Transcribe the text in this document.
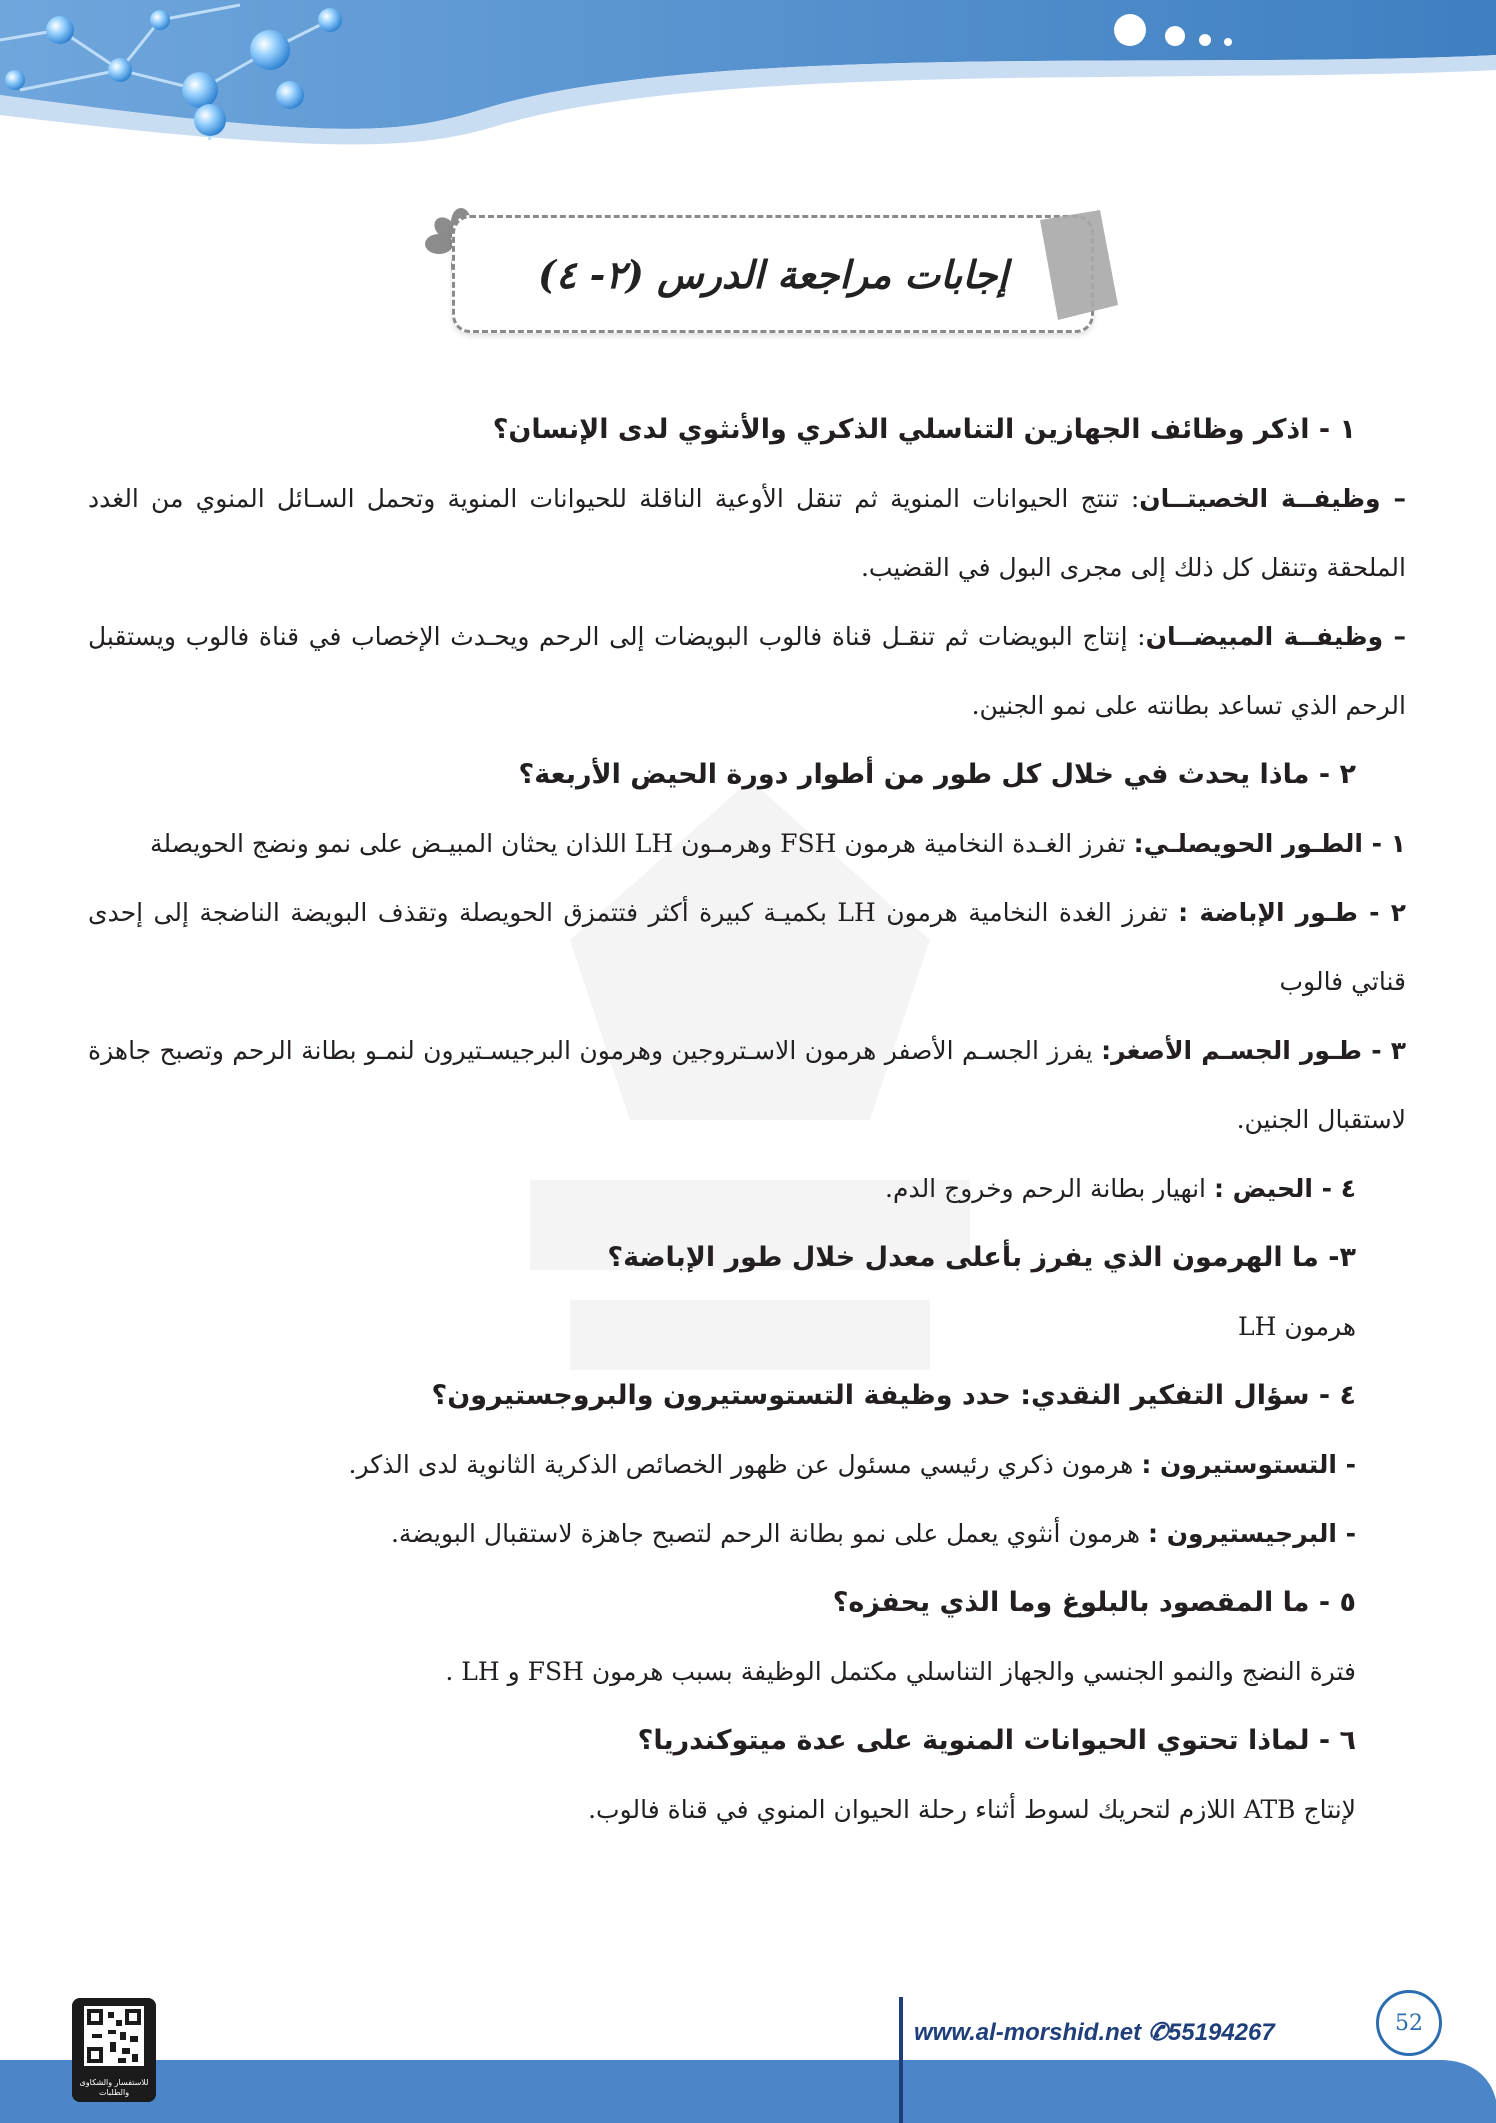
إجابات مراجعة الدرس (٢- ٤)
١ - اذكر وظائف الجهازين التناسلي الذكري والأنثوي لدى الإنسان؟
– وظيفــة الخصيتــان: تنتج الحيوانات المنوية ثم تنقل الأوعية الناقلة للحيوانات المنوية وتحمل السـائل المنوي من الغدد الملحقة وتنقل كل ذلك إلى مجرى البول في القضيب.
– وظيفــة المبيضــان: إنتاج البويضات ثم تنقـل قناة فالوب البويضات إلى الرحم ويحـدث الإخصاب في قناة فالوب ويستقبل الرحم الذي تساعد بطانته على نمو الجنين.
٢ - ماذا يحدث في خلال كل طور من أطوار دورة الحيض الأربعة؟
١ - الطـور الحويصلـي: تفرز الغـدة النخامية هرمون FSH وهرمـون LH اللذان يحثان المبيـض على نمو ونضج الحويصلة
٢ - طـور الإباضة : تفرز الغدة النخامية هرمون LH بكميـة كبيرة أكثر فتتمزق الحويصلة وتقذف البويضة الناضجة إلى إحدى قناتي فالوب
٣ - طـور الجسـم الأصغر: يفرز الجسـم الأصفر هرمون الاسـتروجين وهرمون البرجيسـتيرون لنمـو بطانة الرحم وتصبح جاهزة لاستقبال الجنين.
٤ - الحيض : انهيار بطانة الرحم وخروج الدم.
٣- ما الهرمون الذي يفرز بأعلى معدل خلال طور الإباضة؟
هرمون LH
٤ - سؤال التفكير النقدي: حدد وظيفة التستوستيرون والبروجستيرون؟
- التستوستيرون : هرمون ذكري رئيسي مسئول عن ظهور الخصائص الذكرية الثانوية لدى الذكر.
- البرجيستيرون : هرمون أنثوي يعمل على نمو بطانة الرحم لتصبح جاهزة لاستقبال البويضة.
٥ - ما المقصود بالبلوغ وما الذي يحفزه؟
فترة النضج والنمو الجنسي والجهاز التناسلي مكتمل الوظيفة بسبب هرمون FSH و LH .
٦ - لماذا تحتوي الحيوانات المنوية على عدة ميتوكندريا؟
لإنتاج ATB اللازم لتحريك لسوط أثناء رحلة الحيوان المنوي في قناة فالوب.
www.al-morshid.net ✆55194267	52
للاستفسار والشكاوى والطلبات
